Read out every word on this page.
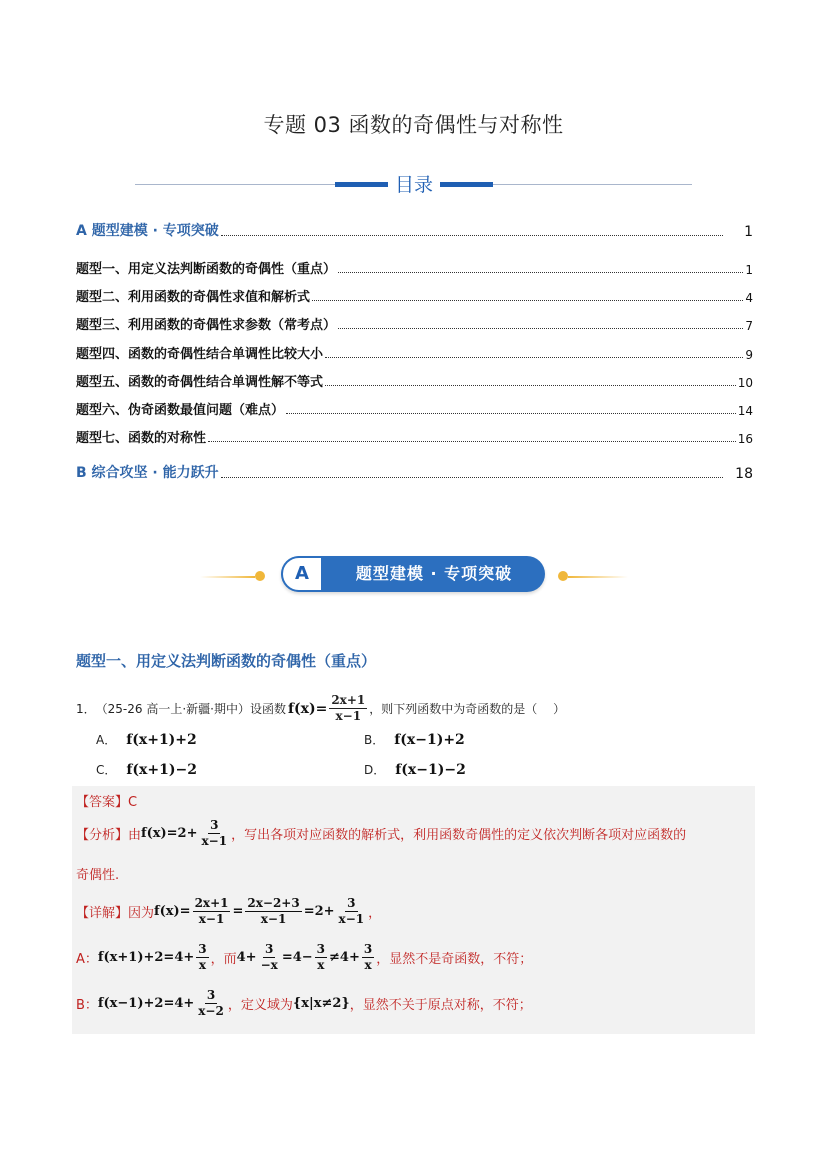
专题 03 函数的奇偶性与对称性
目录
A 题型建模 · 专项突破	1
题型一、用定义法判断函数的奇偶性（重点）	1
题型二、利用函数的奇偶性求值和解析式	4
题型三、利用函数的奇偶性求参数（常考点）	7
题型四、函数的奇偶性结合单调性比较大小	9
题型五、函数的奇偶性结合单调性解不等式	10
题型六、伪奇函数最值问题（难点）	14
题型七、函数的对称性	16
B 综合攻坚 · 能力跃升	18
A	题型建模 · 专项突破
题型一、用定义法判断函数的奇偶性（重点）
1． （25-26 高一上·新疆·期中）设函数 $f(x)= \frac{2x+1}{x-1}$ ，则下列函数中为奇函数的是（　 ）
A． f(x+1)+2	B． f(x−1)+2
C． f(x+1)−2	D． f(x−1)−2
【答案】C
【分析】由 $f(x)=2+ \frac{3}{x-1}$ ，写出各项对应函数的解析式，利用函数奇偶性的定义依次判断各项对应函数的
奇偶性.
【详解】因为 $f(x)= \frac{2x+1}{x-1} = \frac{2x-2+3}{x-1} =2+ \frac{3}{x-1}$ ，
A： $f(x+1)+2=4+ \frac{3}{x}$ ，而 $4+ \frac{3}{-x} =4- \frac{3}{x} \ne 4+ \frac{3}{x}$ ，显然不是奇函数，不符；
B： $f(x-1)+2=4+ \frac{3}{x-2}$ ，定义域为 {x|x≠2} ，显然不关于原点对称，不符；
